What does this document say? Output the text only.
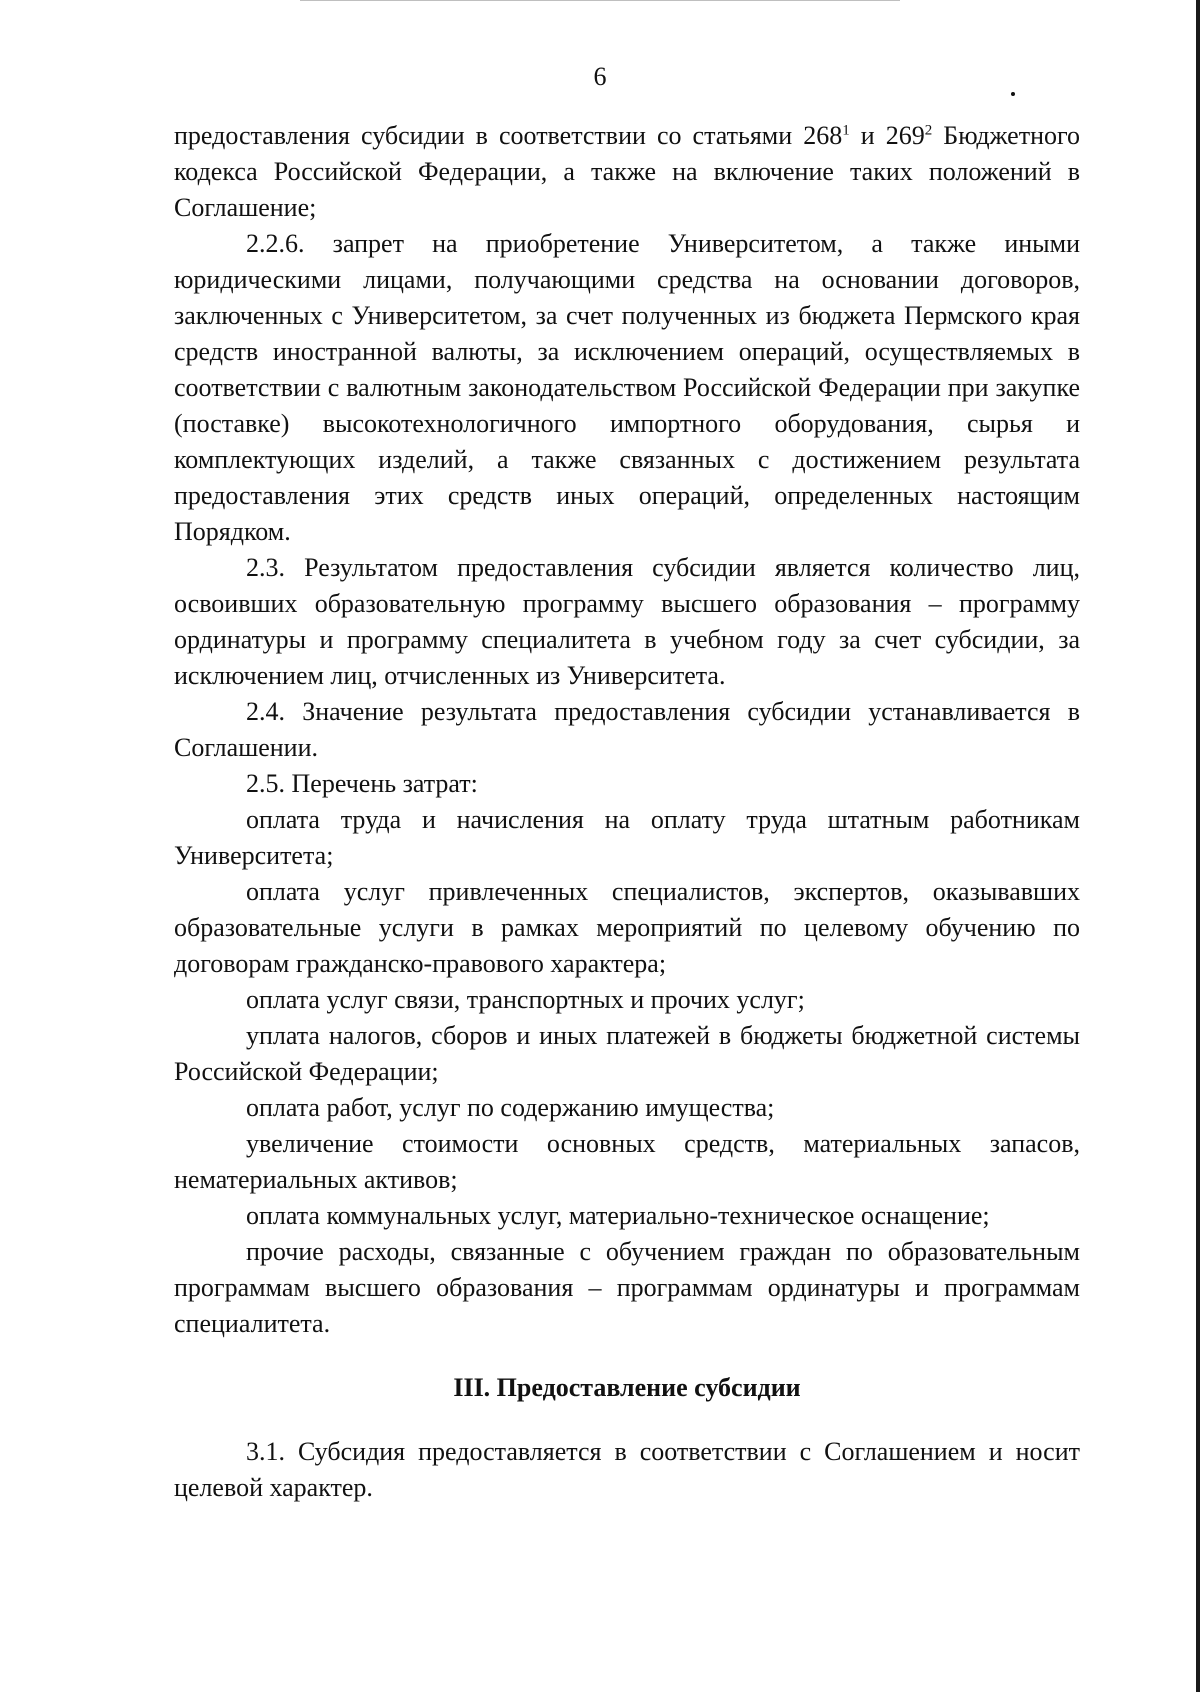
6

предоставления субсидии в соответствии со статьями $268^1$ и $269^2$ Бюджетного кодекса Российской Федерации, а также на включение таких положений в Соглашение;

2.2.6. запрет на приобретение Университетом, а также иными юридическими лицами, получающими средства на основании договоров, заключенных с Университетом, за счет полученных из бюджета Пермского края средств иностранной валюты, за исключением операций, осуществляемых в соответствии с валютным законодательством Российской Федерации при закупке (поставке) высокотехнологичного импортного оборудования, сырья и комплектующих изделий, а также связанных с достижением результата предоставления этих средств иных операций, определенных настоящим Порядком.

2.3. Результатом предоставления субсидии является количество лиц, освоивших образовательную программу высшего образования – программу ординатуры и программу специалитета в учебном году за счет субсидии, за исключением лиц, отчисленных из Университета.

2.4. Значение результата предоставления субсидии устанавливается в Соглашении.

2.5. Перечень затрат:

оплата труда и начисления на оплату труда штатным работникам Университета;

оплата услуг привлеченных специалистов, экспертов, оказывавших образовательные услуги в рамках мероприятий по целевому обучению по договорам гражданско-правового характера;

оплата услуг связи, транспортных и прочих услуг;

уплата налогов, сборов и иных платежей в бюджеты бюджетной системы Российской Федерации;

оплата работ, услуг по содержанию имущества;

увеличение стоимости основных средств, материальных запасов, нематериальных активов;

оплата коммунальных услуг, материально-техническое оснащение;

прочие расходы, связанные с обучением граждан по образовательным программам высшего образования – программам ординатуры и программам специалитета.

III. Предоставление субсидии

3.1. Субсидия предоставляется в соответствии с Соглашением и носит целевой характер.
